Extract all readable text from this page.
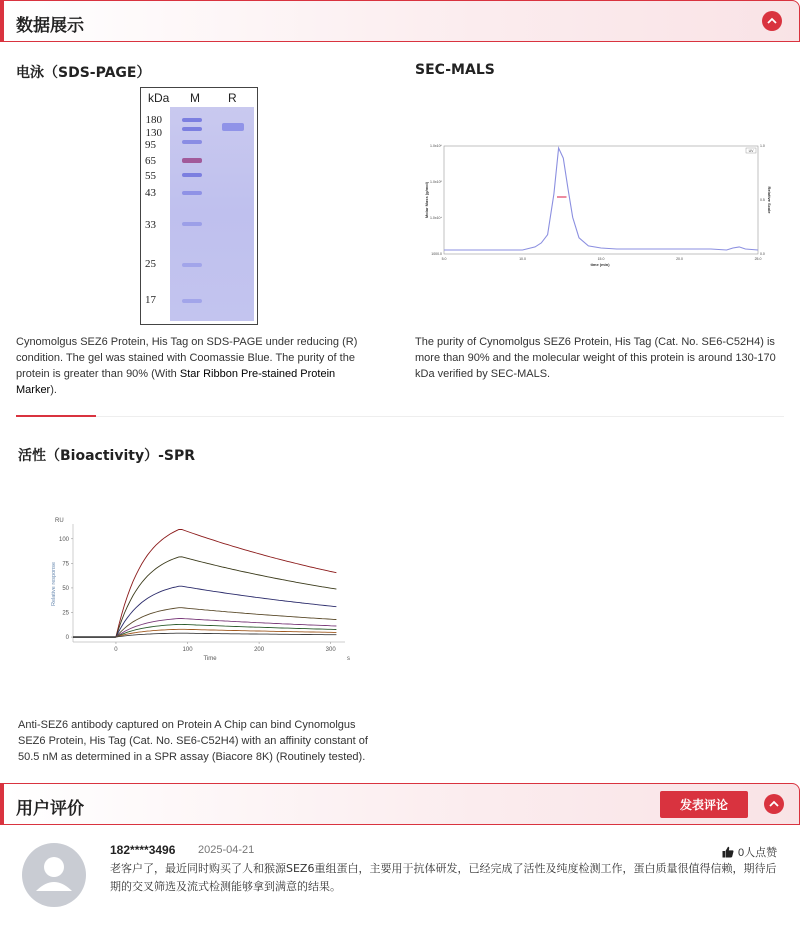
数据展示
电泳（SDS-PAGE）
kDa M R
180
130
95
65
55
43
33
25
17
Cynomolgus SEZ6 Protein, His Tag on SDS-PAGE under reducing (R) condition. The gel was stained with Coomassie Blue. The purity of the protein is greater than 90% (With Star Ribbon Pre-stained Protein Marker).
SEC-MALS
5.0	10.0	15.0	20.0	25.0
1000.0
1.0x10⁴
1.0x10⁵
1.0x10⁶
0.0
0.5
1.0
UV
time (min)
Molar Mass (g/mol)	Relative Scale
The purity of Cynomolgus SEZ6 Protein, His Tag (Cat. No. SE6-C52H4) is more than 90% and the molecular weight of this protein is around 130-170 kDa verified by SEC-MALS.
活性（Bioactivity）-SPR
RU
s
Time
Relative response
0	100	200	300
0
25
50
75
100
Anti-SEZ6 antibody captured on Protein A Chip can bind Cynomolgus SEZ6 Protein, His Tag (Cat. No. SE6-C52H4) with an affinity constant of 50.5 nM as determined in a SPR assay (Biacore 8K) (Routinely tested).
用户评价	发表评论
182****3496 2025-04-21	0人点赞
老客户了，最近同时购买了人和猴源SEZ6重组蛋白，主要用于抗体研发，已经完成了活性及纯度检测工作，蛋白质量很值得信赖，期待后期的交叉筛选及流式检测能够拿到满意的结果。
